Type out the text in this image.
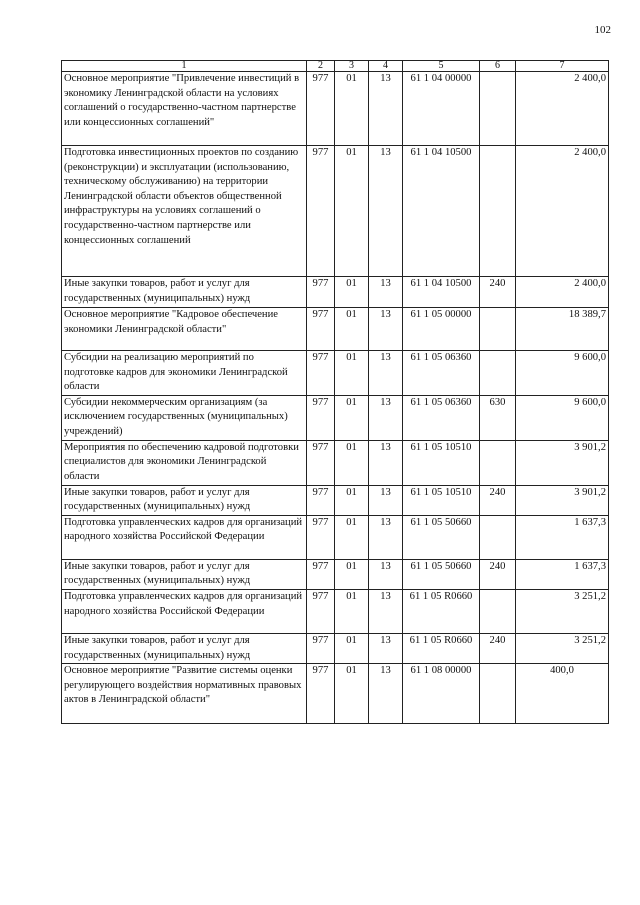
102
1	2	3	4	5	6	7
Основное мероприятие "Привлечение инвестиций в экономику Ленинградской области на условиях соглашений о государственно-частном партнерстве или концессионных соглашений"	977	01	13	61 1 04 00000		2 400,0
Подготовка инвестиционных проектов по созданию (реконструкции) и эксплуатации (использованию, техническому обслуживанию) на территории Ленинградской области объектов общественной инфраструктуры на условиях соглашений о государственно-частном партнерстве или концессионных соглашений	977	01	13	61 1 04 10500		2 400,0
Иные закупки товаров, работ и услуг для государственных (муниципальных) нужд	977	01	13	61 1 04 10500	240	2 400,0
Основное мероприятие "Кадровое обеспечение экономики Ленинградской области"	977	01	13	61 1 05 00000		18 389,7
Субсидии на реализацию мероприятий по подготовке кадров для экономики Ленинградской области	977	01	13	61 1 05 06360		9 600,0
Субсидии некоммерческим организациям (за исключением государственных (муниципальных) учреждений)	977	01	13	61 1 05 06360	630	9 600,0
Мероприятия по обеспечению кадровой подготовки специалистов для экономики Ленинградской области	977	01	13	61 1 05 10510		3 901,2
Иные закупки товаров, работ и услуг для государственных (муниципальных) нужд	977	01	13	61 1 05 10510	240	3 901,2
Подготовка управленческих кадров для организаций народного хозяйства Российской Федерации	977	01	13	61 1 05 50660		1 637,3
Иные закупки товаров, работ и услуг для государственных (муниципальных) нужд	977	01	13	61 1 05 50660	240	1 637,3
Подготовка управленческих кадров для организаций народного хозяйства Российской Федерации	977	01	13	61 1 05 R0660		3 251,2
Иные закупки товаров, работ и услуг для государственных (муниципальных) нужд	977	01	13	61 1 05 R0660	240	3 251,2
Основное мероприятие "Развитие системы оценки регулирующего воздействия нормативных правовых актов в Ленинградской области"	977	01	13	61 1 08 00000		400,0
